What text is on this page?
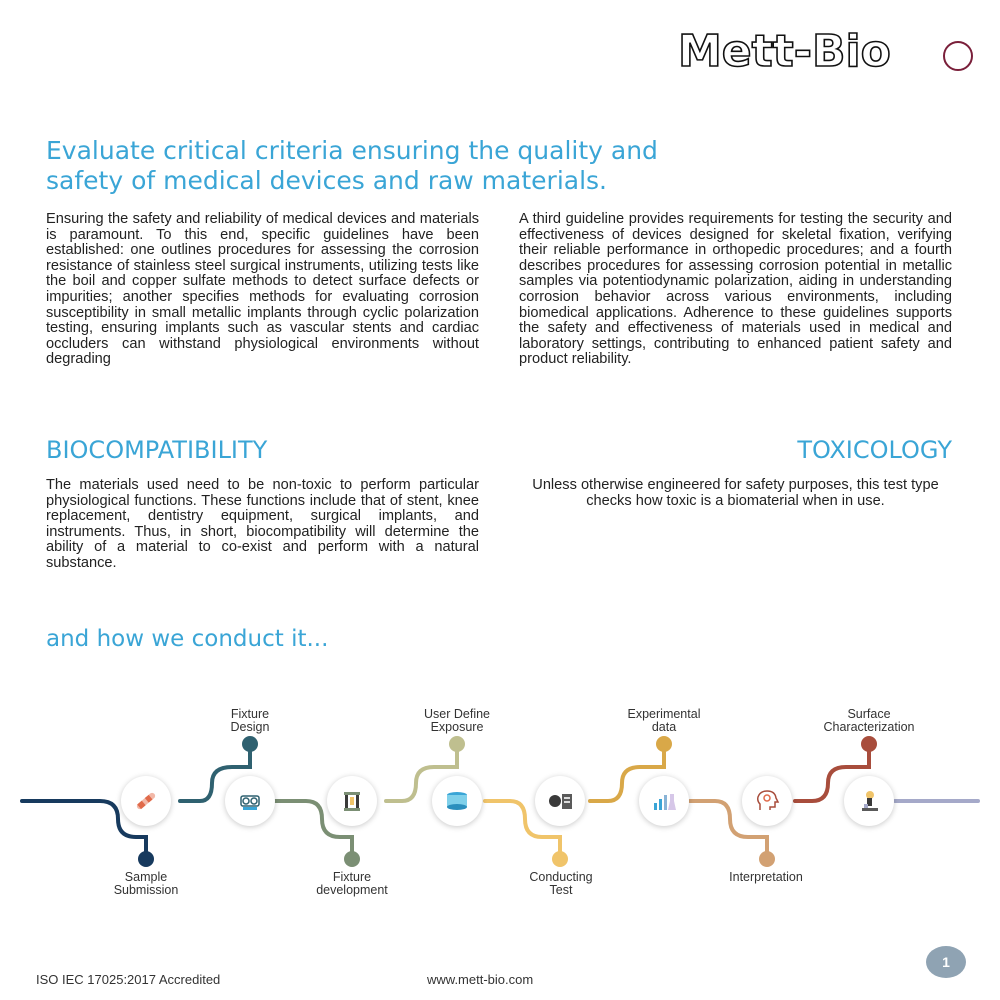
Mett-Bio
Evaluate critical criteria ensuring the quality and
safety of medical devices and raw materials.

Ensuring the safety and reliability of medical devices and materials is paramount. To this end, specific guidelines have been established: one outlines procedures for assessing the corrosion resistance of stainless steel surgical instruments, utilizing tests like the boil and copper sulfate methods to detect surface defects or impurities; another specifies methods for evaluating corrosion susceptibility in small metallic implants through cyclic polarization testing, ensuring implants such as vascular stents and cardiac occluders can withstand physiological environments without degrading

A third guideline provides requirements for testing the security and effectiveness of devices designed for skeletal fixation, verifying their reliable performance in orthopedic procedures; and a fourth describes procedures for assessing corrosion potential in metallic samples via potentiodynamic polarization, aiding in understanding corrosion behavior across various environments, including biomedical applications. Adherence to these guidelines supports the safety and effectiveness of materials used in medical and laboratory settings, contributing to enhanced patient safety and product reliability.

BIOCOMPATIBILITY	TOXICOLOGY

The materials used need to be non-toxic to perform particular physiological functions. These functions include that of stent, knee replacement, dentistry equipment, surgical implants, and instruments. Thus, in short, biocompatibility will determine the ability of a material to co-exist and perform with a natural substance.

Unless otherwise engineered for safety purposes, this test type checks how toxic is a biomaterial when in use.

and how we conduct it...
Sample
Submission
Fixture
Design
Fixture
development
User Define
Exposure
Conducting
Test
Experimental
data
Interpretation
Surface
Characterization
ISO IEC 17025:2017 Accredited	www.mett-bio.com
1
